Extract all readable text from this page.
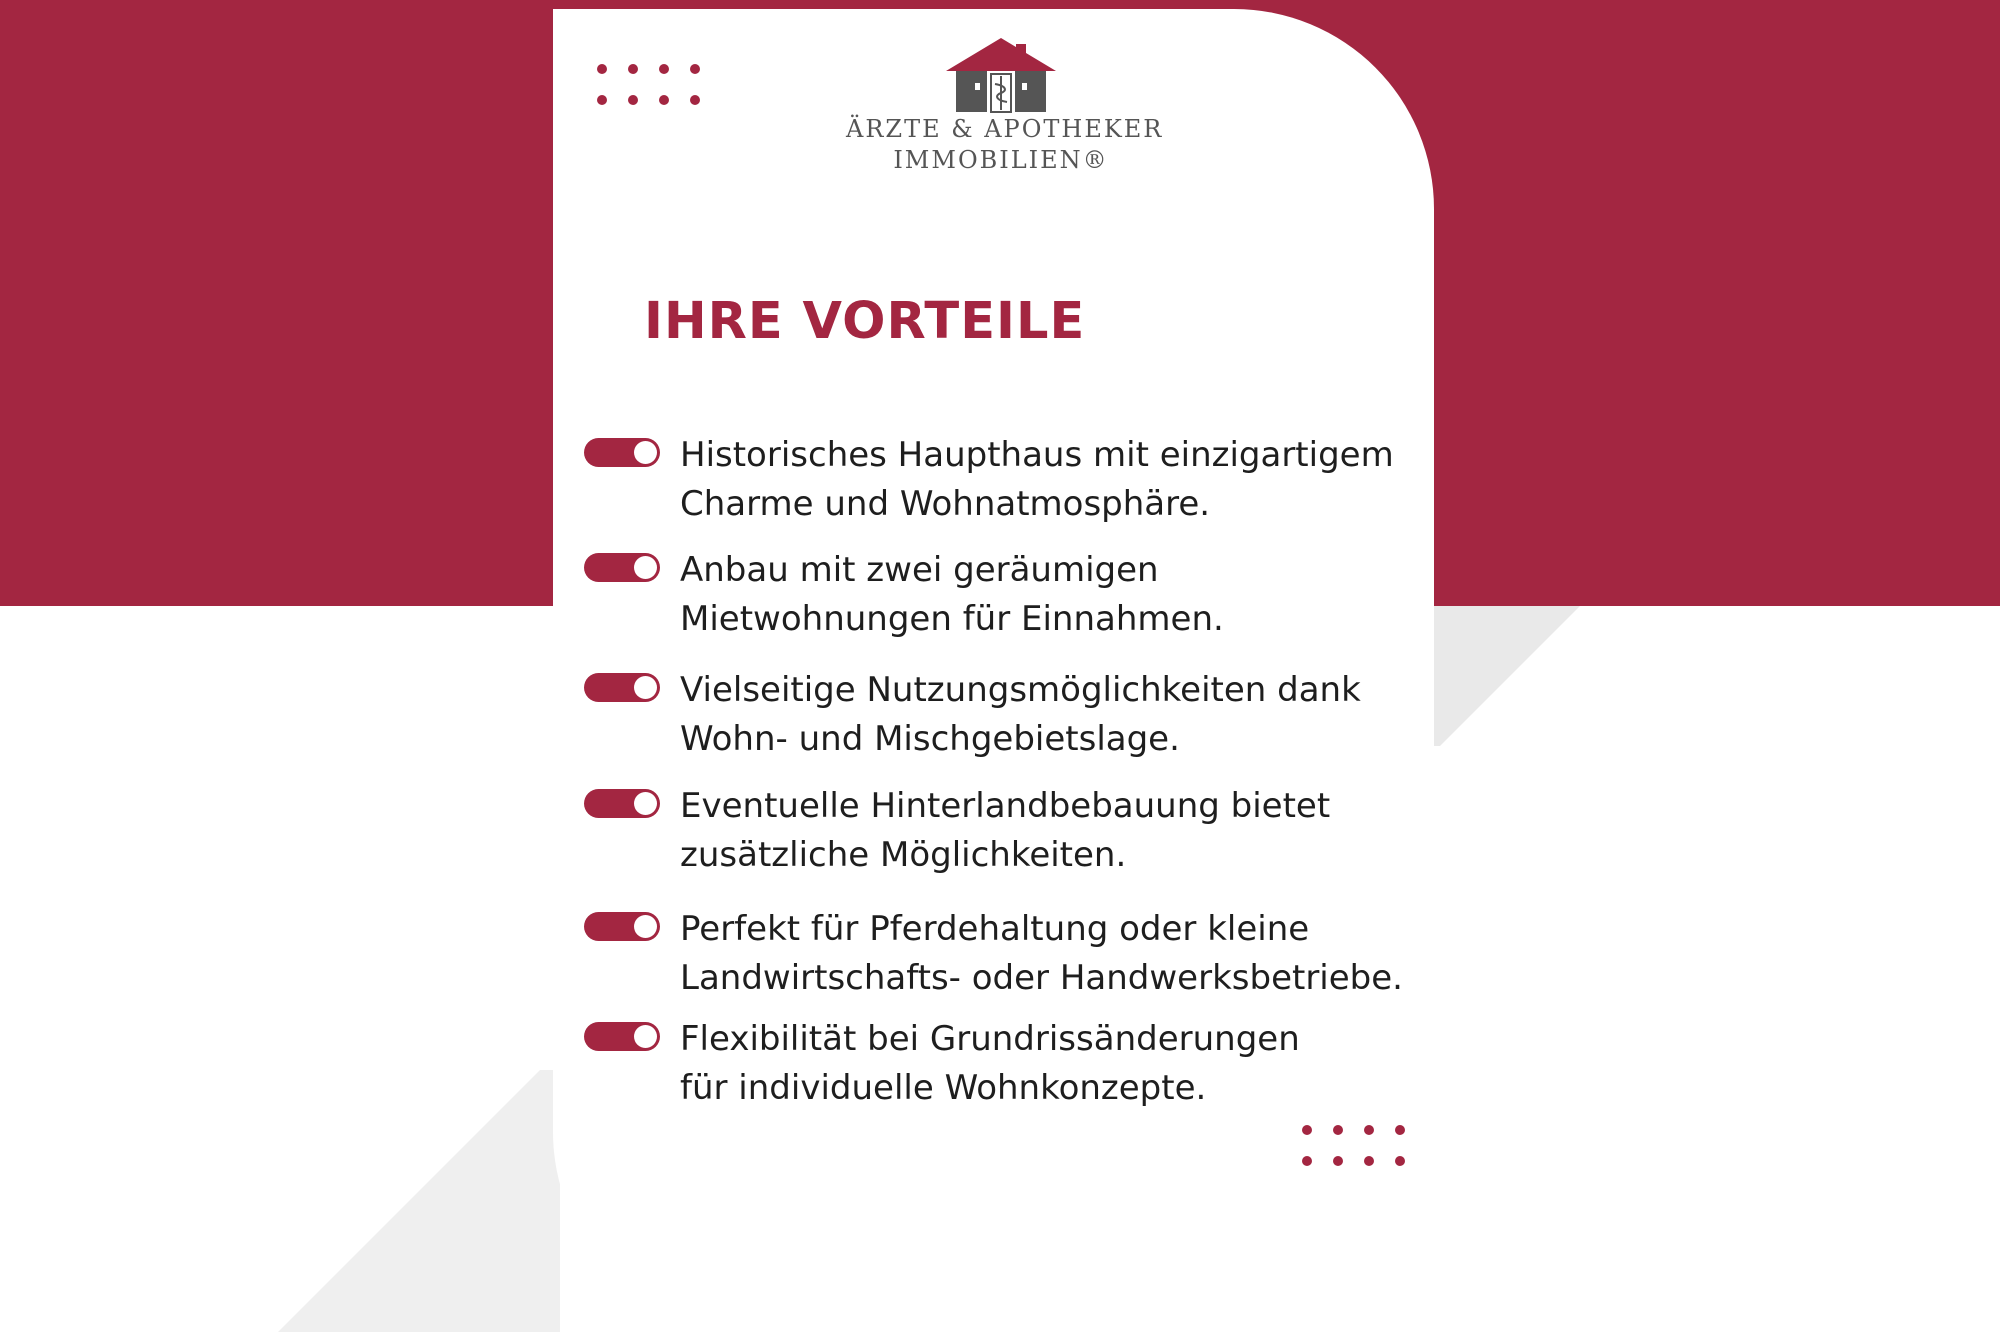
ÄRZTE & APOTHEKER
IMMOBILIEN®
IHRE VORTEILE
Historisches Haupthaus mit einzigartigem
Charme und Wohnatmosphäre.
Anbau mit zwei geräumigen
Mietwohnungen für Einnahmen.
Vielseitige Nutzungsmöglichkeiten dank
Wohn- und Mischgebietslage.
Eventuelle Hinterlandbebauung bietet
zusätzliche Möglichkeiten.
Perfekt für Pferdehaltung oder kleine
Landwirtschafts- oder Handwerksbetriebe.
Flexibilität bei Grundrissänderungen
für individuelle Wohnkonzepte.
